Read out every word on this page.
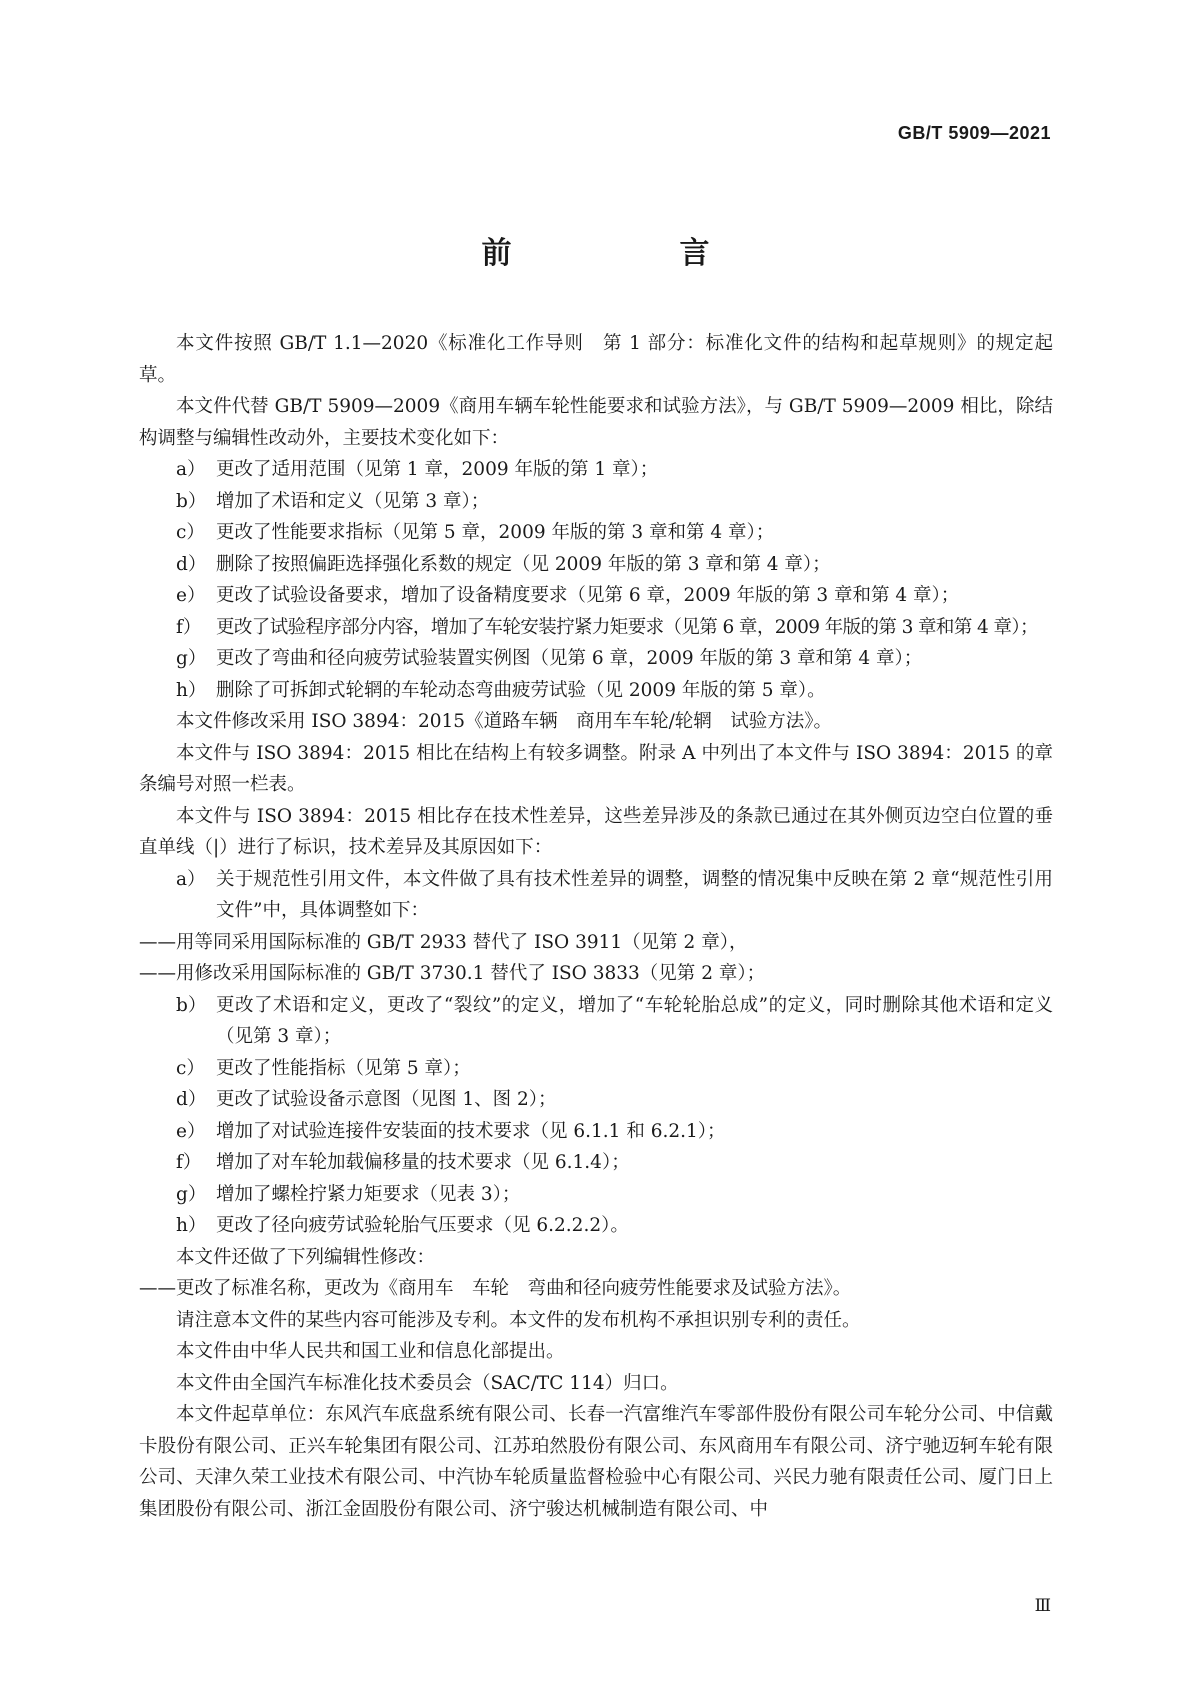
GB/T 5909—2021
前　　言

本文件按照 GB/T 1.1—2020《标准化工作导则　第 1 部分：标准化文件的结构和起草规则》的规定起草。

本文件代替 GB/T 5909—2009《商用车辆车轮性能要求和试验方法》，与 GB/T 5909—2009 相比，除结构调整与编辑性改动外，主要技术变化如下：

a） 更改了适用范围（见第 1 章，2009 年版的第 1 章）；
b） 增加了术语和定义（见第 3 章）；
c） 更改了性能要求指标（见第 5 章，2009 年版的第 3 章和第 4 章）；
d） 删除了按照偏距选择强化系数的规定（见 2009 年版的第 3 章和第 4 章）；
e） 更改了试验设备要求，增加了设备精度要求（见第 6 章，2009 年版的第 3 章和第 4 章）；
f） 更改了试验程序部分内容，增加了车轮安装拧紧力矩要求（见第 6 章，2009 年版的第 3 章和第 4 章）；
g） 更改了弯曲和径向疲劳试验装置实例图（见第 6 章，2009 年版的第 3 章和第 4 章）；
h） 删除了可拆卸式轮辋的车轮动态弯曲疲劳试验（见 2009 年版的第 5 章）。

本文件修改采用 ISO 3894：2015《道路车辆　商用车车轮/轮辋　试验方法》。

本文件与 ISO 3894：2015 相比在结构上有较多调整。附录 A 中列出了本文件与 ISO 3894：2015 的章条编号对照一栏表。

本文件与 ISO 3894：2015 相比存在技术性差异，这些差异涉及的条款已通过在其外侧页边空白位置的垂直单线（|）进行了标识，技术差异及其原因如下：

a） 关于规范性引用文件，本文件做了具有技术性差异的调整，调整的情况集中反映在第 2 章“规范性引用文件”中，具体调整如下：

——用等同采用国际标准的 GB/T 2933 替代了 ISO 3911（见第 2 章），

——用修改采用国际标准的 GB/T 3730.1 替代了 ISO 3833（见第 2 章）；

b） 更改了术语和定义，更改了“裂纹”的定义，增加了“车轮轮胎总成”的定义，同时删除其他术语和定义（见第 3 章）；
c） 更改了性能指标（见第 5 章）；
d） 更改了试验设备示意图（见图 1、图 2）；
e） 增加了对试验连接件安装面的技术要求（见 6.1.1 和 6.2.1）；
f） 增加了对车轮加载偏移量的技术要求（见 6.1.4）；
g） 增加了螺栓拧紧力矩要求（见表 3）；
h） 更改了径向疲劳试验轮胎气压要求（见 6.2.2.2）。

本文件还做了下列编辑性修改：

——更改了标准名称，更改为《商用车　车轮　弯曲和径向疲劳性能要求及试验方法》。

请注意本文件的某些内容可能涉及专利。本文件的发布机构不承担识别专利的责任。

本文件由中华人民共和国工业和信息化部提出。

本文件由全国汽车标准化技术委员会（SAC/TC 114）归口。

本文件起草单位：东风汽车底盘系统有限公司、长春一汽富维汽车零部件股份有限公司车轮分公司、中信戴卡股份有限公司、正兴车轮集团有限公司、江苏珀然股份有限公司、东风商用车有限公司、济宁驰迈轲车轮有限公司、天津久荣工业技术有限公司、中汽协车轮质量监督检验中心有限公司、兴民力驰有限责任公司、厦门日上集团股份有限公司、浙江金固股份有限公司、济宁骏达机械制造有限公司、中

Ⅲ
